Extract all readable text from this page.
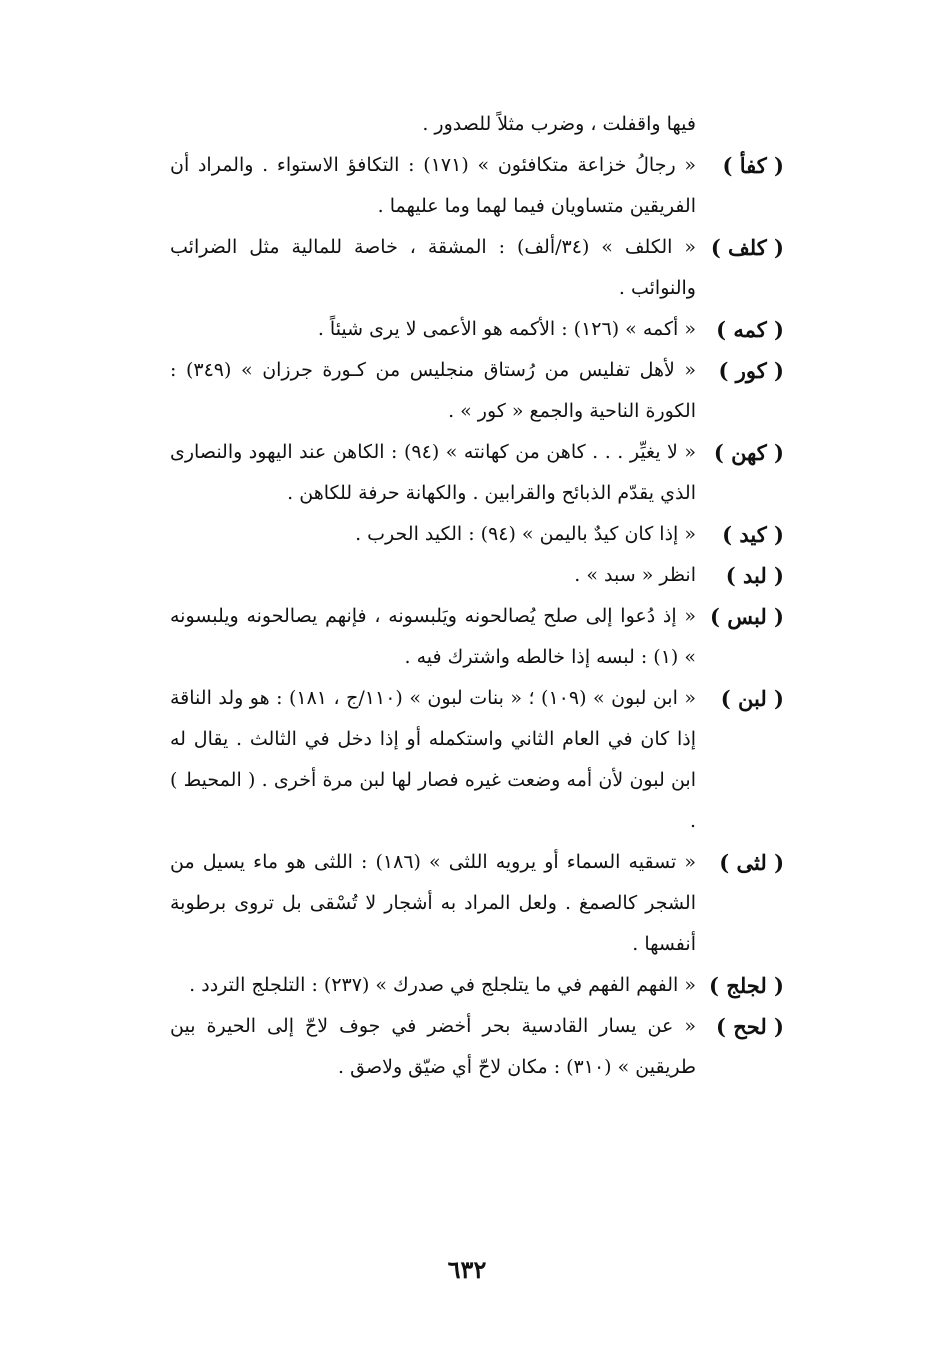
فيها واقفلت ، وضرب مثلاً للصدور .
( كفأ )
« رجالُ خزاعة متكافئون » (١٧١) : التكافؤ الاستواء . والمراد أن الفريقين متساويان فيما لهما وما عليهما .
( كلف )
« الكلف » (٣٤/ألف) : المشقة ، خاصة للمالية مثل الضرائب والنوائب .
( كمه )
« أكمه » (١٢٦) : الأكمه هو الأعمى لا يرى شيئاً .
( كور )
« لأهل تفليس من رُستاق منجليس من كـورة جرزان » (٣٤٩) : الكورة الناحية والجمع « كور » .
( كهن )
« لا يغيِّر . . . كاهن من كهانته » (٩٤) : الكاهن عند اليهود والنصارى الذي يقدّم الذبائح والقرابين . والكهانة حرفة للكاهن .
( كيد )
« إذا كان كيدٌ باليمن » (٩٤) : الكيد الحرب .
( لبد )
انظر « سبد » .
( لبس )
« إذ دُعوا إلى صلح يُصالحونه ويَلبسونه ، فإنهم يصالحونه ويلبسونه » (١) : لبسه إذا خالطه واشترك فيه .
( لبن )
« ابن لبون » (١٠٩) ؛ « بنات لبون » (١١٠/ج ، ١٨١) : هو ولد الناقة إذا كان في العام الثاني واستكمله أو إذا دخل في الثالث . يقال له ابن لبون لأن أمه وضعت غيره فصار لها لبن مرة أخرى . ( المحيط ) .
( لثى )
« تسقيه السماء أو يرويه اللثى » (١٨٦) : اللثى هو ماء يسيل من الشجر كالصمغ . ولعل المراد به أشجار لا تُسْقى بل تروى برطوبة أنفسها .
( لجلج )
« الفهم الفهم في ما يتلجلج في صدرك » (٢٣٧) : التلجلج التردد .
( لحح )
« عن يسار القادسية بحر أخضر في جوف لاحّ إلى الحيرة بين طريقين » (٣١٠) : مكان لاحّ أي ضيّق ولاصق .
٦٣٢
